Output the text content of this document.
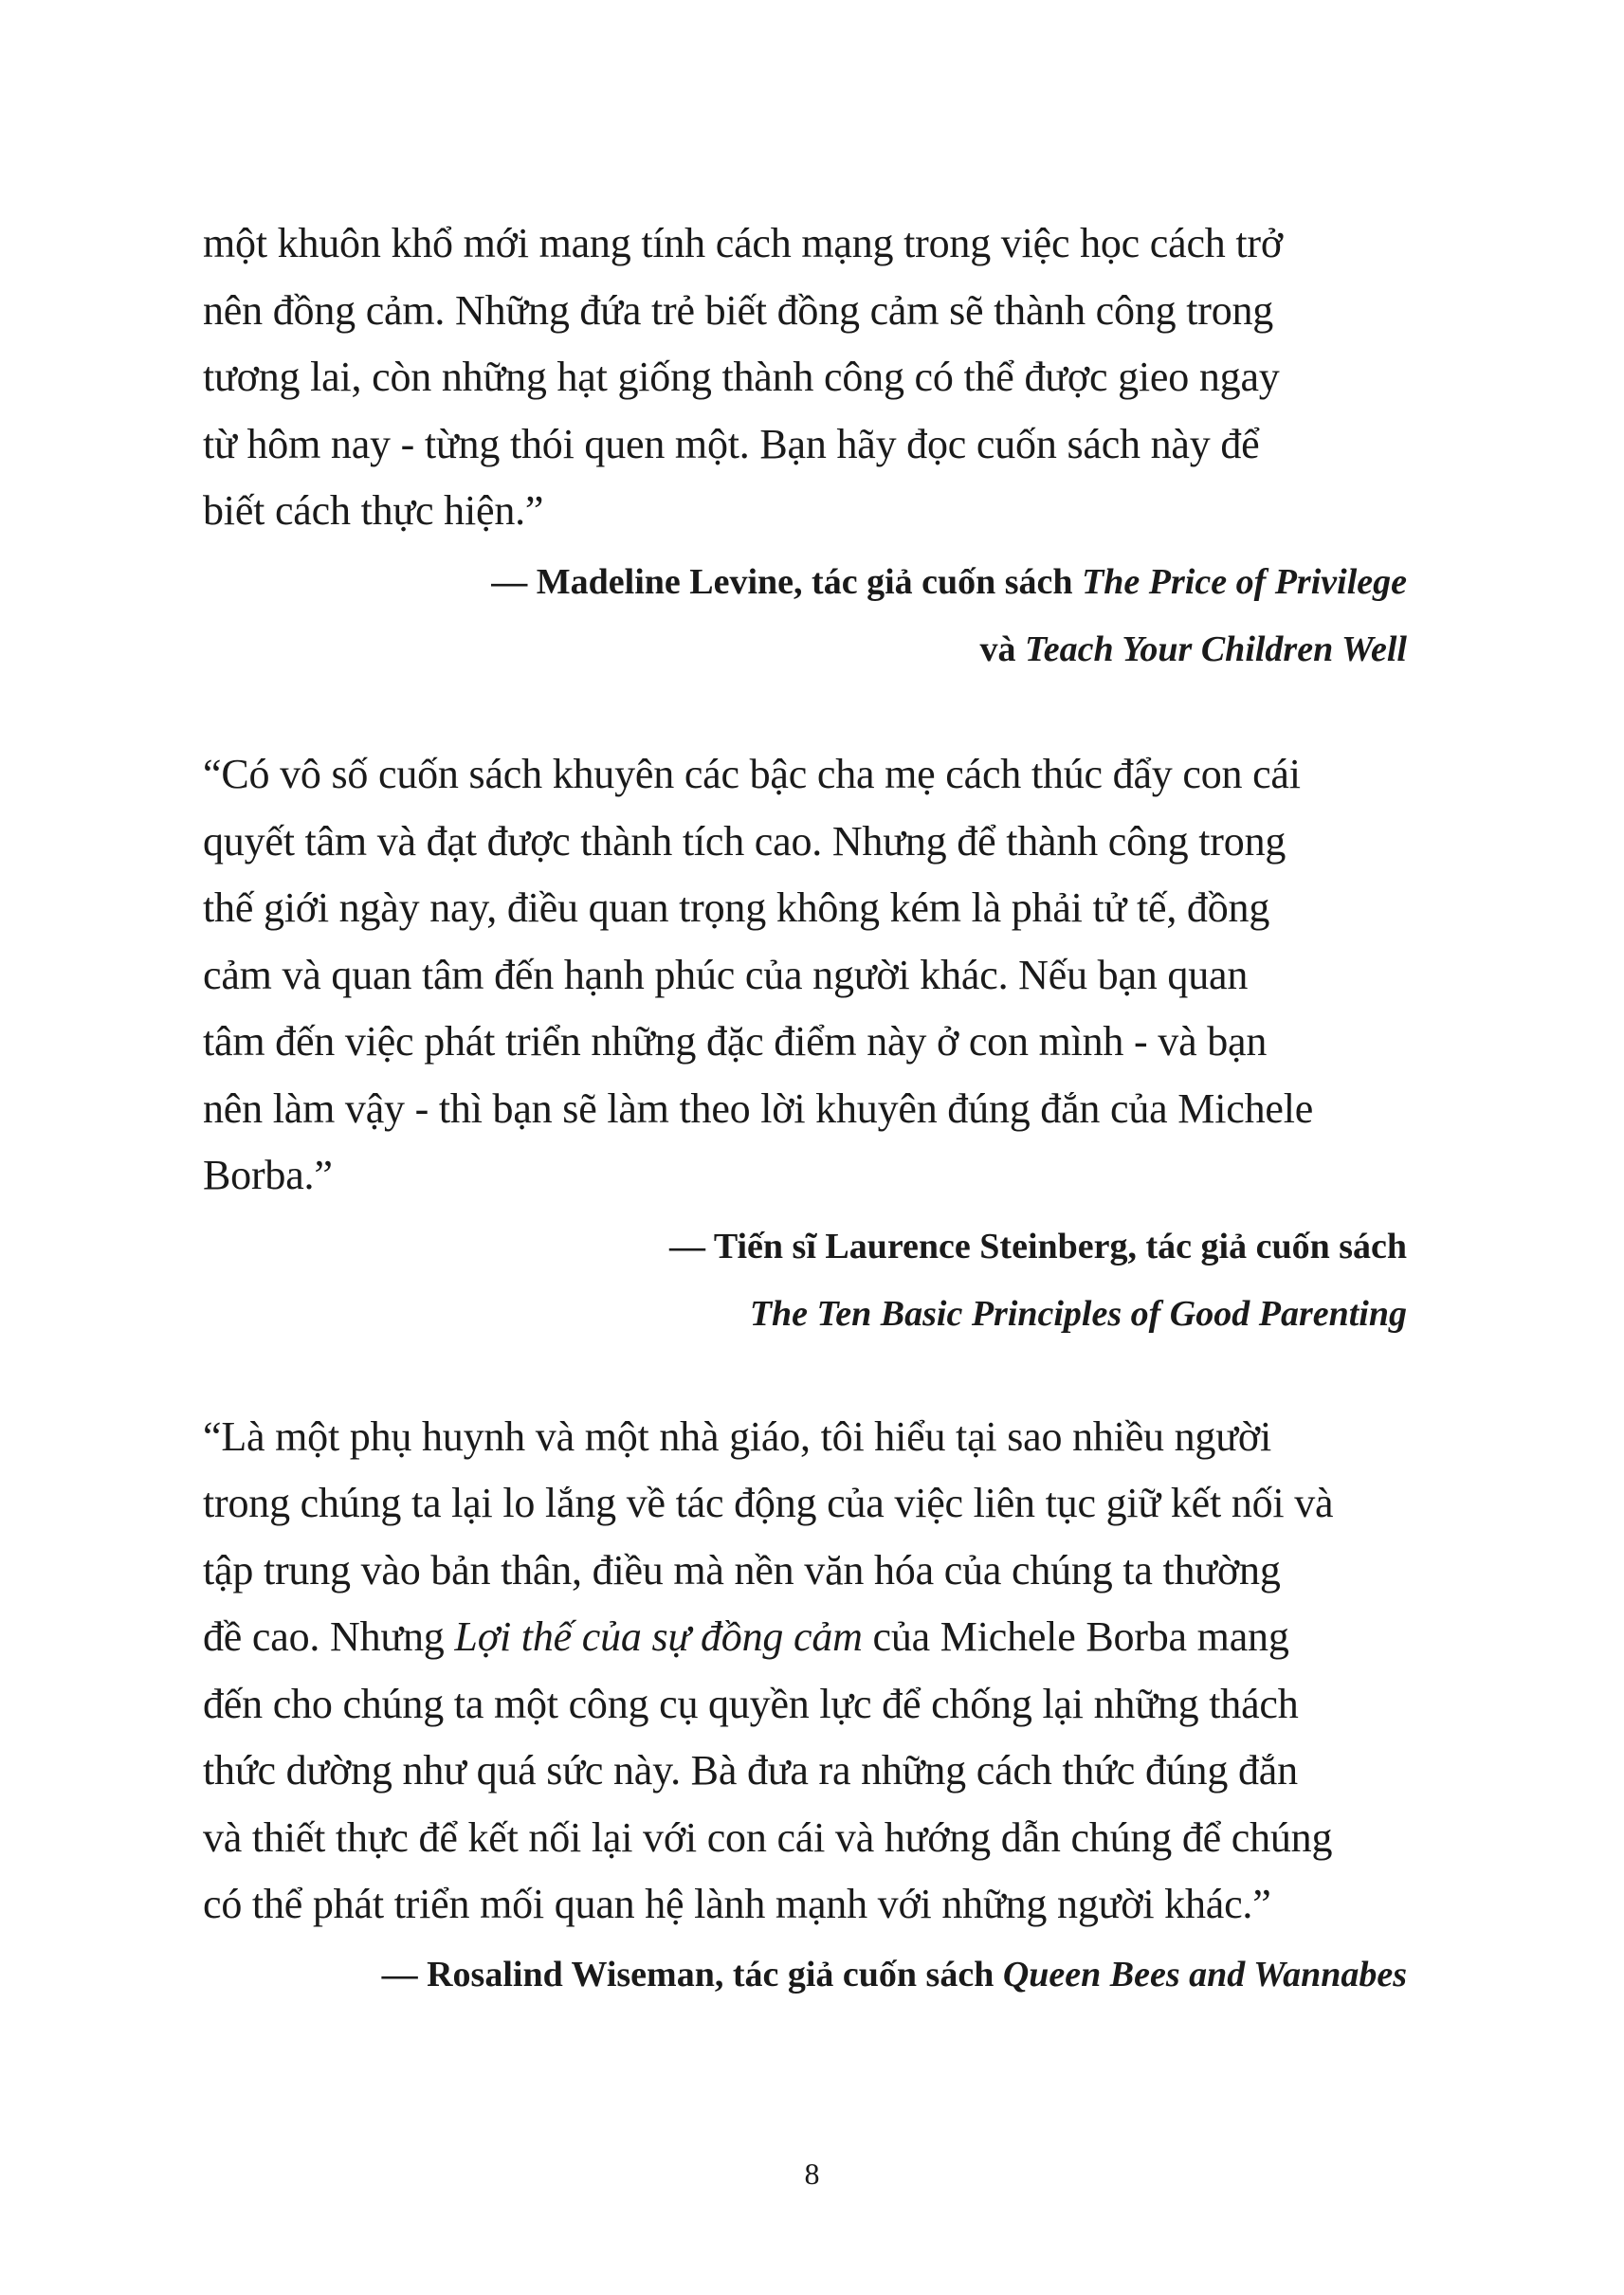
một khuôn khổ mới mang tính cách mạng trong việc học cách trở
nên đồng cảm. Những đứa trẻ biết đồng cảm sẽ thành công trong
tương lai, còn những hạt giống thành công có thể được gieo ngay
từ hôm nay - từng thói quen một. Bạn hãy đọc cuốn sách này để
biết cách thực hiện.”
— Madeline Levine, tác giả cuốn sách The Price of Privilege
và Teach Your Children Well
“Có vô số cuốn sách khuyên các bậc cha mẹ cách thúc đẩy con cái
quyết tâm và đạt được thành tích cao. Nhưng để thành công trong
thế giới ngày nay, điều quan trọng không kém là phải tử tế, đồng
cảm và quan tâm đến hạnh phúc của người khác. Nếu bạn quan
tâm đến việc phát triển những đặc điểm này ở con mình - và bạn
nên làm vậy - thì bạn sẽ làm theo lời khuyên đúng đắn của Michele
Borba.”
— Tiến sĩ Laurence Steinberg, tác giả cuốn sách
The Ten Basic Principles of Good Parenting
“Là một phụ huynh và một nhà giáo, tôi hiểu tại sao nhiều người
trong chúng ta lại lo lắng về tác động của việc liên tục giữ kết nối và
tập trung vào bản thân, điều mà nền văn hóa của chúng ta thường
đề cao. Nhưng Lợi thế của sự đồng cảm của Michele Borba mang
đến cho chúng ta một công cụ quyền lực để chống lại những thách
thức dường như quá sức này. Bà đưa ra những cách thức đúng đắn
và thiết thực để kết nối lại với con cái và hướng dẫn chúng để chúng
có thể phát triển mối quan hệ lành mạnh với những người khác.”
— Rosalind Wiseman, tác giả cuốn sách Queen Bees and Wannabes
8
